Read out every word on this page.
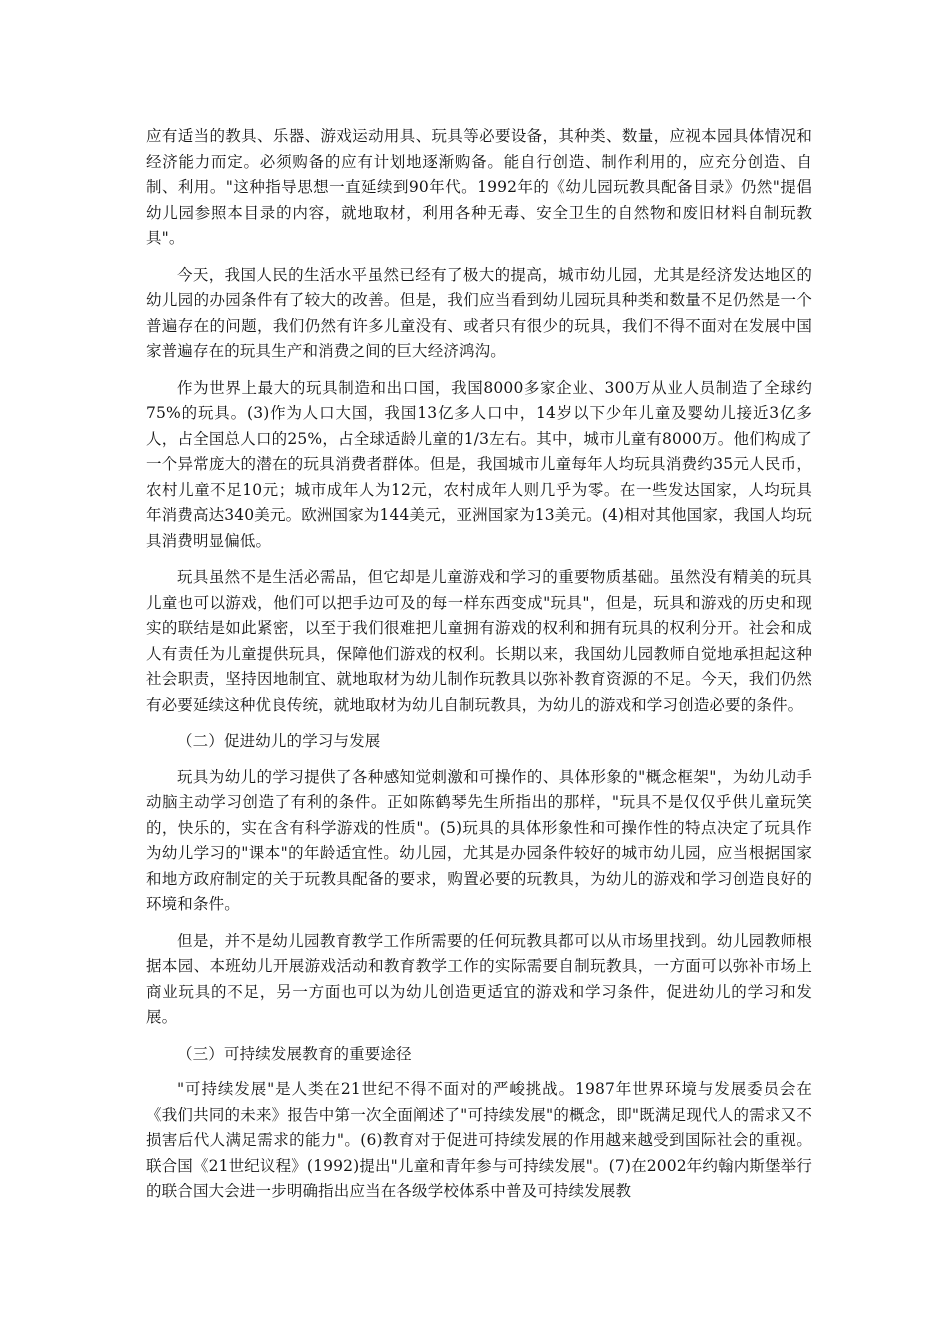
应有适当的教具、乐器、游戏运动用具、玩具等必要设备，其种类、数量，应视本园具体情况和经济能力而定。必须购备的应有计划地逐渐购备。能自行创造、制作利用的，应充分创造、自制、利用。"这种指导思想一直延续到90年代。1992年的《幼儿园玩教具配备目录》仍然"提倡幼儿园参照本目录的内容，就地取材，利用各种无毒、安全卫生的自然物和废旧材料自制玩教具"。

今天，我国人民的生活水平虽然已经有了极大的提高，城市幼儿园，尤其是经济发达地区的幼儿园的办园条件有了较大的改善。但是，我们应当看到幼儿园玩具种类和数量不足仍然是一个普遍存在的问题，我们仍然有许多儿童没有、或者只有很少的玩具，我们不得不面对在发展中国家普遍存在的玩具生产和消费之间的巨大经济鸿沟。

作为世界上最大的玩具制造和出口国，我国8000多家企业、300万从业人员制造了全球约75%的玩具。(3)作为人口大国，我国13亿多人口中，14岁以下少年儿童及婴幼儿接近3亿多人，占全国总人口的25%，占全球适龄儿童的1/3左右。其中，城市儿童有8000万。他们构成了一个异常庞大的潜在的玩具消费者群体。但是，我国城市儿童每年人均玩具消费约35元人民币，农村儿童不足10元；城市成年人为12元，农村成年人则几乎为零。在一些发达国家，人均玩具年消费高达340美元。欧洲国家为144美元，亚洲国家为13美元。(4)相对其他国家，我国人均玩具消费明显偏低。

玩具虽然不是生活必需品，但它却是儿童游戏和学习的重要物质基础。虽然没有精美的玩具儿童也可以游戏，他们可以把手边可及的每一样东西变成"玩具"，但是，玩具和游戏的历史和现实的联结是如此紧密，以至于我们很难把儿童拥有游戏的权利和拥有玩具的权利分开。社会和成人有责任为儿童提供玩具，保障他们游戏的权利。长期以来，我国幼儿园教师自觉地承担起这种社会职责，坚持因地制宜、就地取材为幼儿制作玩教具以弥补教育资源的不足。今天，我们仍然有必要延续这种优良传统，就地取材为幼儿自制玩教具，为幼儿的游戏和学习创造必要的条件。

（二）促进幼儿的学习与发展

玩具为幼儿的学习提供了各种感知觉刺激和可操作的、具体形象的"概念框架"，为幼儿动手动脑主动学习创造了有利的条件。正如陈鹤琴先生所指出的那样，"玩具不是仅仅乎供儿童玩笑的，快乐的，实在含有科学游戏的性质"。(5)玩具的具体形象性和可操作性的特点决定了玩具作为幼儿学习的"课本"的年龄适宜性。幼儿园，尤其是办园条件较好的城市幼儿园，应当根据国家和地方政府制定的关于玩教具配备的要求，购置必要的玩教具，为幼儿的游戏和学习创造良好的环境和条件。

但是，并不是幼儿园教育教学工作所需要的任何玩教具都可以从市场里找到。幼儿园教师根据本园、本班幼儿开展游戏活动和教育教学工作的实际需要自制玩教具，一方面可以弥补市场上商业玩具的不足，另一方面也可以为幼儿创造更适宜的游戏和学习条件，促进幼儿的学习和发展。

（三）可持续发展教育的重要途径

"可持续发展"是人类在21世纪不得不面对的严峻挑战。1987年世界环境与发展委员会在《我们共同的未来》报告中第一次全面阐述了"可持续发展"的概念，即"既满足现代人的需求又不损害后代人满足需求的能力"。(6)教育对于促进可持续发展的作用越来越受到国际社会的重视。联合国《21世纪议程》(1992)提出"儿童和青年参与可持续发展"。(7)在2002年约翰内斯堡举行的联合国大会进一步明确指出应当在各级学校体系中普及可持续发展教
